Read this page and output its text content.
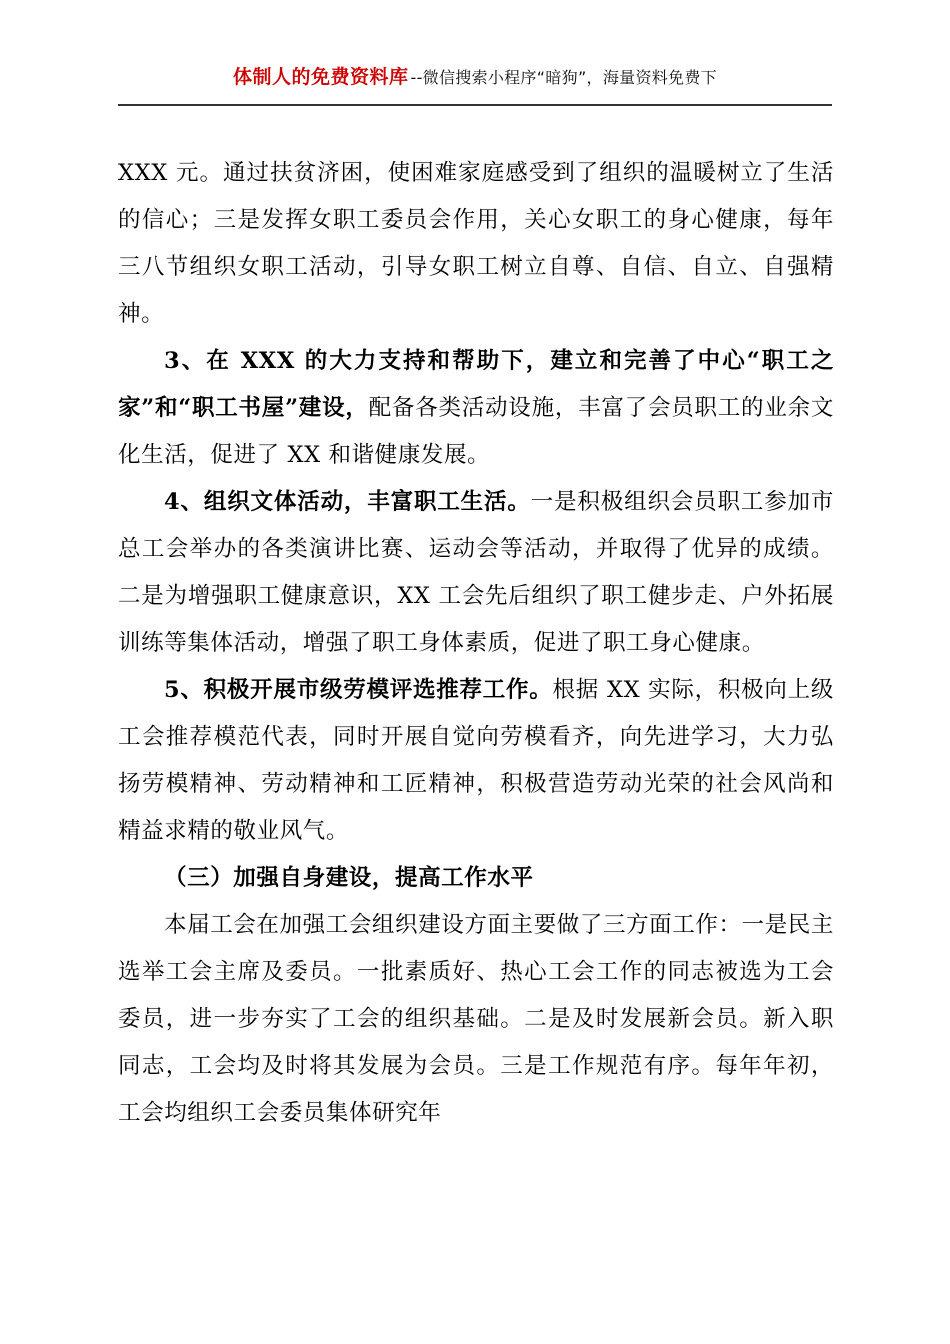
体制人的免费资料库 --微信搜索小程序“暗狗”，海量资料免费下

XXX 元。通过扶贫济困，使困难家庭感受到了组织的温暖树立了生活的信心；三是发挥女职工委员会作用，关心女职工的身心健康，每年三八节组织女职工活动，引导女职工树立自尊、自信、自立、自强精神。

3、在 XXX 的大力支持和帮助下，建立和完善了中心“职工之家”和“职工书屋”建设，配备各类活动设施，丰富了会员职工的业余文化生活，促进了 XX 和谐健康发展。

4、组织文体活动，丰富职工生活。一是积极组织会员职工参加市总工会举办的各类演讲比赛、运动会等活动，并取得了优异的成绩。二是为增强职工健康意识，XX 工会先后组织了职工健步走、户外拓展训练等集体活动，增强了职工身体素质，促进了职工身心健康。

5、积极开展市级劳模评选推荐工作。根据 XX 实际，积极向上级工会推荐模范代表，同时开展自觉向劳模看齐，向先进学习，大力弘扬劳模精神、劳动精神和工匠精神，积极营造劳动光荣的社会风尚和精益求精的敬业风气。

（三）加强自身建设，提高工作水平

本届工会在加强工会组织建设方面主要做了三方面工作：一是民主选举工会主席及委员。一批素质好、热心工会工作的同志被选为工会委员，进一步夯实了工会的组织基础。二是及时发展新会员。新入职同志，工会均及时将其发展为会员。三是工作规范有序。每年年初，工会均组织工会委员集体研究年
